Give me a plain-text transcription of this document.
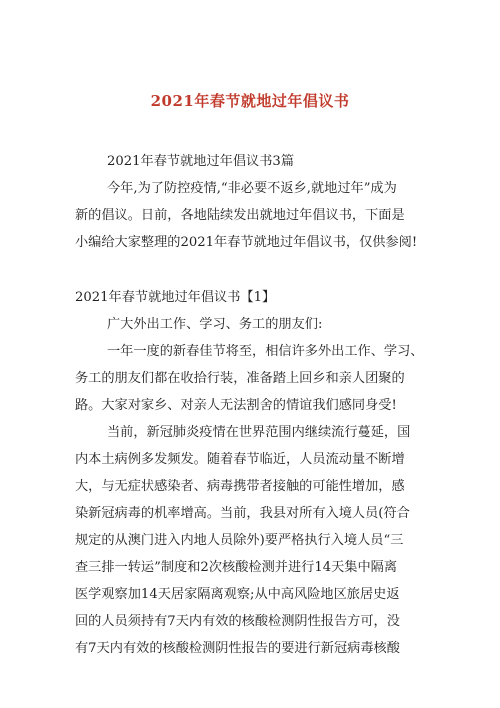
2021年春节就地过年倡议书
2021年春节就地过年倡议书3篇
今年,为了防控疫情,“非必要不返乡,就地过年”成为
新的倡议。日前，各地陆续发出就地过年倡议书，下面是
小编给大家整理的2021年春节就地过年倡议书，仅供参阅!
2021年春节就地过年倡议书【1】
广大外出工作、学习、务工的朋友们:
一年一度的新春佳节将至，相信许多外出工作、学习、
务工的朋友们都在收拾行装，准备踏上回乡和亲人团聚的
路。大家对家乡、对亲人无法割舍的情谊我们感同身受!
当前，新冠肺炎疫情在世界范围内继续流行蔓延，国
内本土病例多发频发。随着春节临近，人员流动量不断增
大，与无症状感染者、病毒携带者接触的可能性增加，感
染新冠病毒的机率增高。当前，我县对所有入境人员(符合
规定的从澳门进入内地人员除外)要严格执行入境人员“三
查三排一转运”制度和2次核酸检测并进行14天集中隔离
医学观察加14天居家隔离观察;从中高风险地区旅居史返
回的人员须持有7天内有效的核酸检测阴性报告方可，没
有7天内有效的核酸检测阴性报告的要进行新冠病毒核酸
